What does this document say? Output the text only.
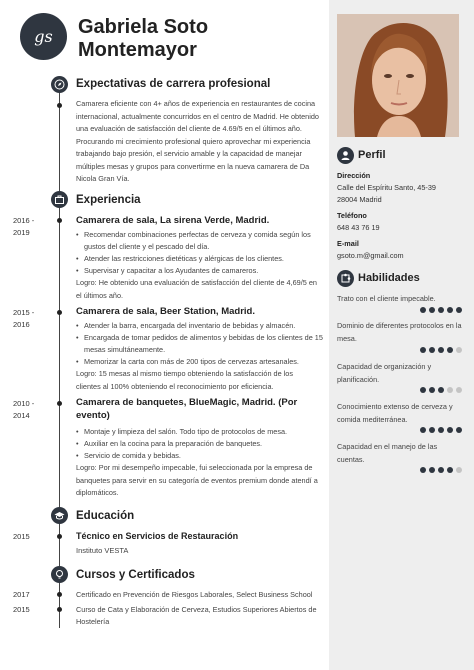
gs Gabriela Soto
Montemayor
Expectativas de carrera profesional
Camarera eficiente con 4+ años de experiencia en restaurantes de cocina
internacional, actualmente concurridos en el centro de Madrid. He obtenido
una evaluación de satisfacción del cliente de 4.69/5 en el últimos año.
Procurando mi crecimiento profesional quiero aprovechar mi experiencia
trabajando bajo presión, el servicio amable y la capacidad de manejar
múltiples mesas y grupos para convertirme en la nueva camarera de Da
Nicola Gran Vía.
Experiencia
2016 -
2019
Camarera de sala, La sirena Verde, Madrid.
• Recomendar combinaciones perfectas de cerveza y comida según los
gustos del cliente y el pescado del día.
• Atender las restricciones dietéticas y alérgicas de los clientes.
• Supervisar y capacitar a los Ayudantes de camareros.
Logro: He obtenido una evaluación de satisfacción del cliente de 4,69/5 en
el últimos año.
2015 -
2016
Camarera de sala, Beer Station, Madrid.
• Atender la barra, encargada del inventario de bebidas y almacén.
• Encargada de tomar pedidos de alimentos y bebidas de los clientes de 15
mesas simultáneamente.
• Memorizar la carta con más de 200 tipos de cervezas artesanales.
Logro: 15 mesas al mismo tiempo obteniendo la satisfacción de los
clientes al 100% obteniendo el reconocimiento por eficiencia.
2010 -
2014
Camarera de banquetes, BlueMagic, Madrid. (Por
evento)
• Montaje y limpieza del salón. Todo tipo de protocolos de mesa.
• Auxiliar en la cocina para la preparación de banquetes.
• Servicio de comida y bebidas.
Logro: Por mi desempeño impecable, fui seleccionada por la empresa de
banquetes para servir en su categoría de eventos premium donde atendí a
diplomáticos.
Educación
2015	Técnico en Servicios de Restauración
Instituto VESTA
Cursos y Certificados
2017	Certificado en Prevención de Riesgos Laborales, Select Business School
2015	Curso de Cata y Elaboración de Cerveza, Estudios Superiores Abiertos de
Hostelería
Perfil
Dirección
Calle del Espíritu Santo, 45-39
28004 Madrid
Teléfono
648 43 76 19
E-mail
gsoto.m@gmail.com
Habilidades
Trato con el cliente impecable.
Dominio de diferentes protocolos en la
mesa.
Capacidad de organización y
planificación.
Conocimiento extenso de cerveza y
comida mediterránea.
Capacidad en el manejo de las
cuentas.
